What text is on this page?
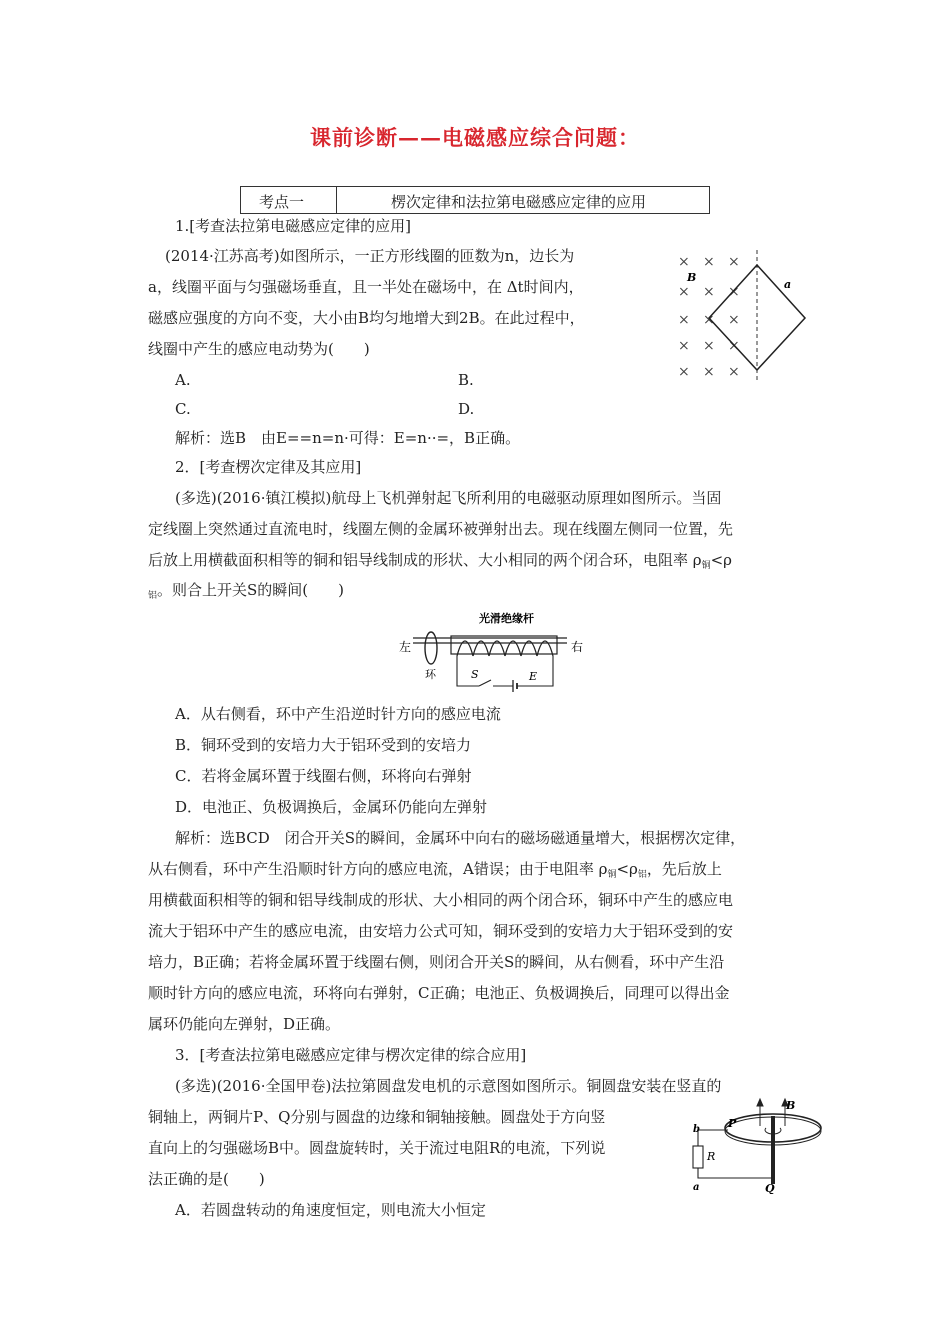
课前诊断——电磁感应综合问题：
考点一	楞次定律和法拉第电磁感应定律的应用
1.[考查法拉第电磁感应定律的应用]
(2014·江苏高考)如图所示，一正方形线圈的匝数为n，边长为
a，线圈平面与匀强磁场垂直，且一半处在磁场中，在 Δt时间内，
磁感应强度的方向不变，大小由B均匀地增大到2B。在此过程中，
线圈中产生的感应电动势为(　　)
A.	B.
C.	D.
解析：选B　由E==n=n·可得：E=n··=，B正确。
× × ×
× × ×
× × ×
× × ×
× × ×
B
a
2．[考查楞次定律及其应用]
(多选)(2016·镇江模拟)航母上飞机弹射起飞所利用的电磁驱动原理如图所示。当固
定线圈上突然通过直流电时，线圈左侧的金属环被弹射出去。现在线圈左侧同一位置，先
后放上用横截面积相等的铜和铝导线制成的形状、大小相同的两个闭合环，电阻率 $\rho_铜<\rho$
$_铝$。则合上开关S的瞬间(　　)
光滑绝缘杆
左	右
环	S	E
A．从右侧看，环中产生沿逆时针方向的感应电流
B．铜环受到的安培力大于铝环受到的安培力
C．若将金属环置于线圈右侧，环将向右弹射
D．电池正、负极调换后，金属环仍能向左弹射
解析：选BCD　闭合开关S的瞬间，金属环中向右的磁场磁通量增大，根据楞次定律，
从右侧看，环中产生沿顺时针方向的感应电流，A错误；由于电阻率 $\rho_铜<\rho_铝$，先后放上
用横截面积相等的铜和铝导线制成的形状、大小相同的两个闭合环，铜环中产生的感应电
流大于铝环中产生的感应电流，由安培力公式可知，铜环受到的安培力大于铝环受到的安
培力，B正确；若将金属环置于线圈右侧，则闭合开关S的瞬间，从右侧看，环中产生沿
顺时针方向的感应电流，环将向右弹射，C正确；电池正、负极调换后，同理可以得出金
属环仍能向左弹射，D正确。
3．[考查法拉第电磁感应定律与楞次定律的综合应用]
(多选)(2016·全国甲卷)法拉第圆盘发电机的示意图如图所示。铜圆盘安装在竖直的
铜轴上，两铜片P、Q分别与圆盘的边缘和铜轴接触。圆盘处于方向竖
直向上的匀强磁场B中。圆盘旋转时，关于流过电阻R的电流，下列说
法正确的是(　　)
A．若圆盘转动的角速度恒定，则电流大小恒定
B
P
b
a
R
Q
